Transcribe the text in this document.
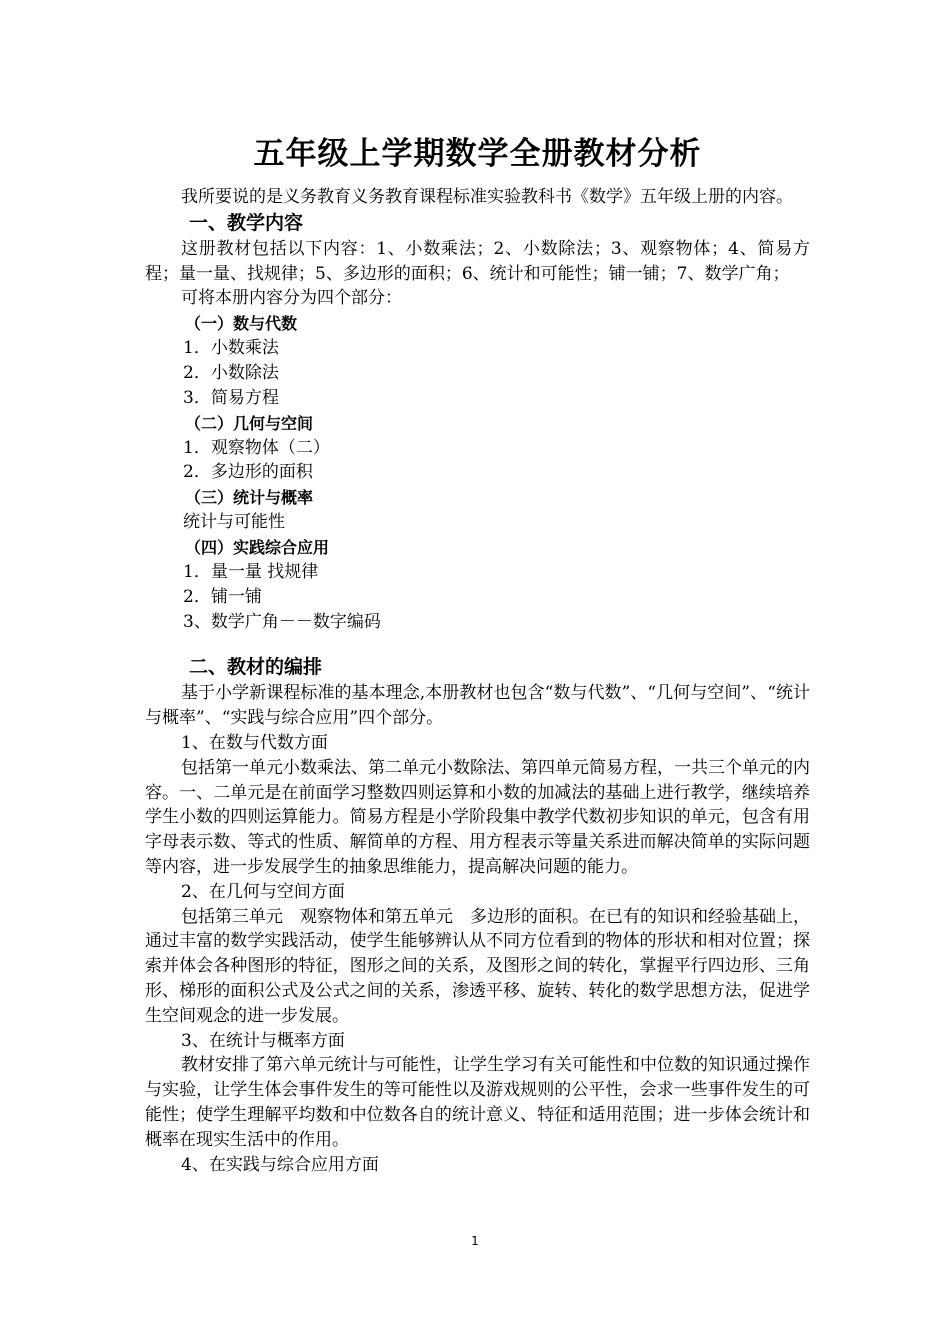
五年级上学期数学全册教材分析

我所要说的是义务教育义务教育课程标准实验教科书《数学》五年级上册的内容。

一、教学内容

这册教材包括以下内容：1、小数乘法；2、小数除法；3、观察物体；4、简易方程；量一量、找规律；5、多边形的面积；6、统计和可能性；铺一铺；7、数学广角；

可将本册内容分为四个部分：

（一）数与代数

1．小数乘法

2．小数除法

3．简易方程

（二）几何与空间

1．观察物体（二）

2．多边形的面积

（三）统计与概率

统计与可能性

（四）实践综合应用

1．量一量 找规律

2．铺一铺

3、数学广角－－数字编码

二、教材的编排

基于小学新课程标准的基本理念,本册教材也包含“数与代数”、“几何与空间”、“统计与概率”、“实践与综合应用”四个部分。

1、在数与代数方面

包括第一单元小数乘法、第二单元小数除法、第四单元简易方程，一共三个单元的内容。一、二单元是在前面学习整数四则运算和小数的加减法的基础上进行教学，继续培养学生小数的四则运算能力。简易方程是小学阶段集中教学代数初步知识的单元，包含有用字母表示数、等式的性质、解简单的方程、用方程表示等量关系进而解决简单的实际问题等内容，进一步发展学生的抽象思维能力，提高解决问题的能力。

2、在几何与空间方面

包括第三单元　观察物体和第五单元　多边形的面积。在已有的知识和经验基础上，通过丰富的数学实践活动，使学生能够辨认从不同方位看到的物体的形状和相对位置；探索并体会各种图形的特征，图形之间的关系，及图形之间的转化，掌握平行四边形、三角形、梯形的面积公式及公式之间的关系，渗透平移、旋转、转化的数学思想方法，促进学生空间观念的进一步发展。

3、在统计与概率方面

教材安排了第六单元统计与可能性，让学生学习有关可能性和中位数的知识通过操作与实验，让学生体会事件发生的等可能性以及游戏规则的公平性，会求一些事件发生的可能性；使学生理解平均数和中位数各自的统计意义、特征和适用范围；进一步体会统计和概率在现实生活中的作用。

4、在实践与综合应用方面

1
